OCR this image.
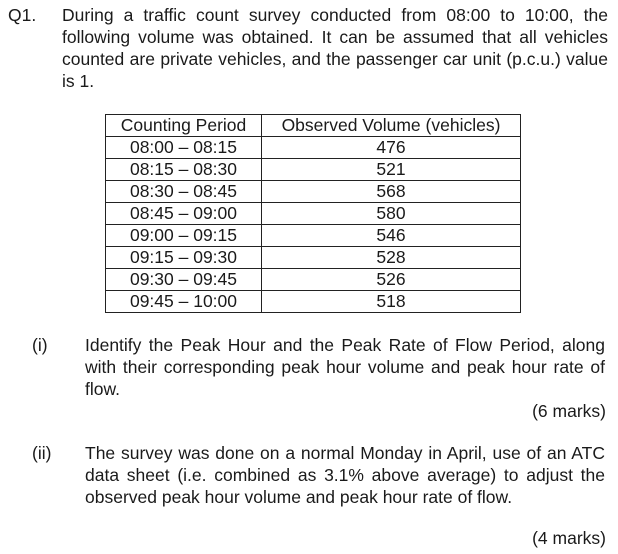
Q1. During a traffic count survey conducted from 08:00 to 10:00, the following volume was obtained. It can be assumed that all vehicles counted are private vehicles, and the passenger car unit (p.c.u.) value is 1.
Counting Period	Observed Volume (vehicles)
08:00 – 08:15	476
08:15 – 08:30	521
08:30 – 08:45	568
08:45 – 09:00	580
09:00 – 09:15	546
09:15 – 09:30	528
09:30 – 09:45	526
09:45 – 10:00	518
(i) Identify the Peak Hour and the Peak Rate of Flow Period, along with their corresponding peak hour volume and peak hour rate of flow.
(6 marks)
(ii) The survey was done on a normal Monday in April, use of an ATC data sheet (i.e. combined as 3.1% above average) to adjust the observed peak hour volume and peak hour rate of flow.
(4 marks)
